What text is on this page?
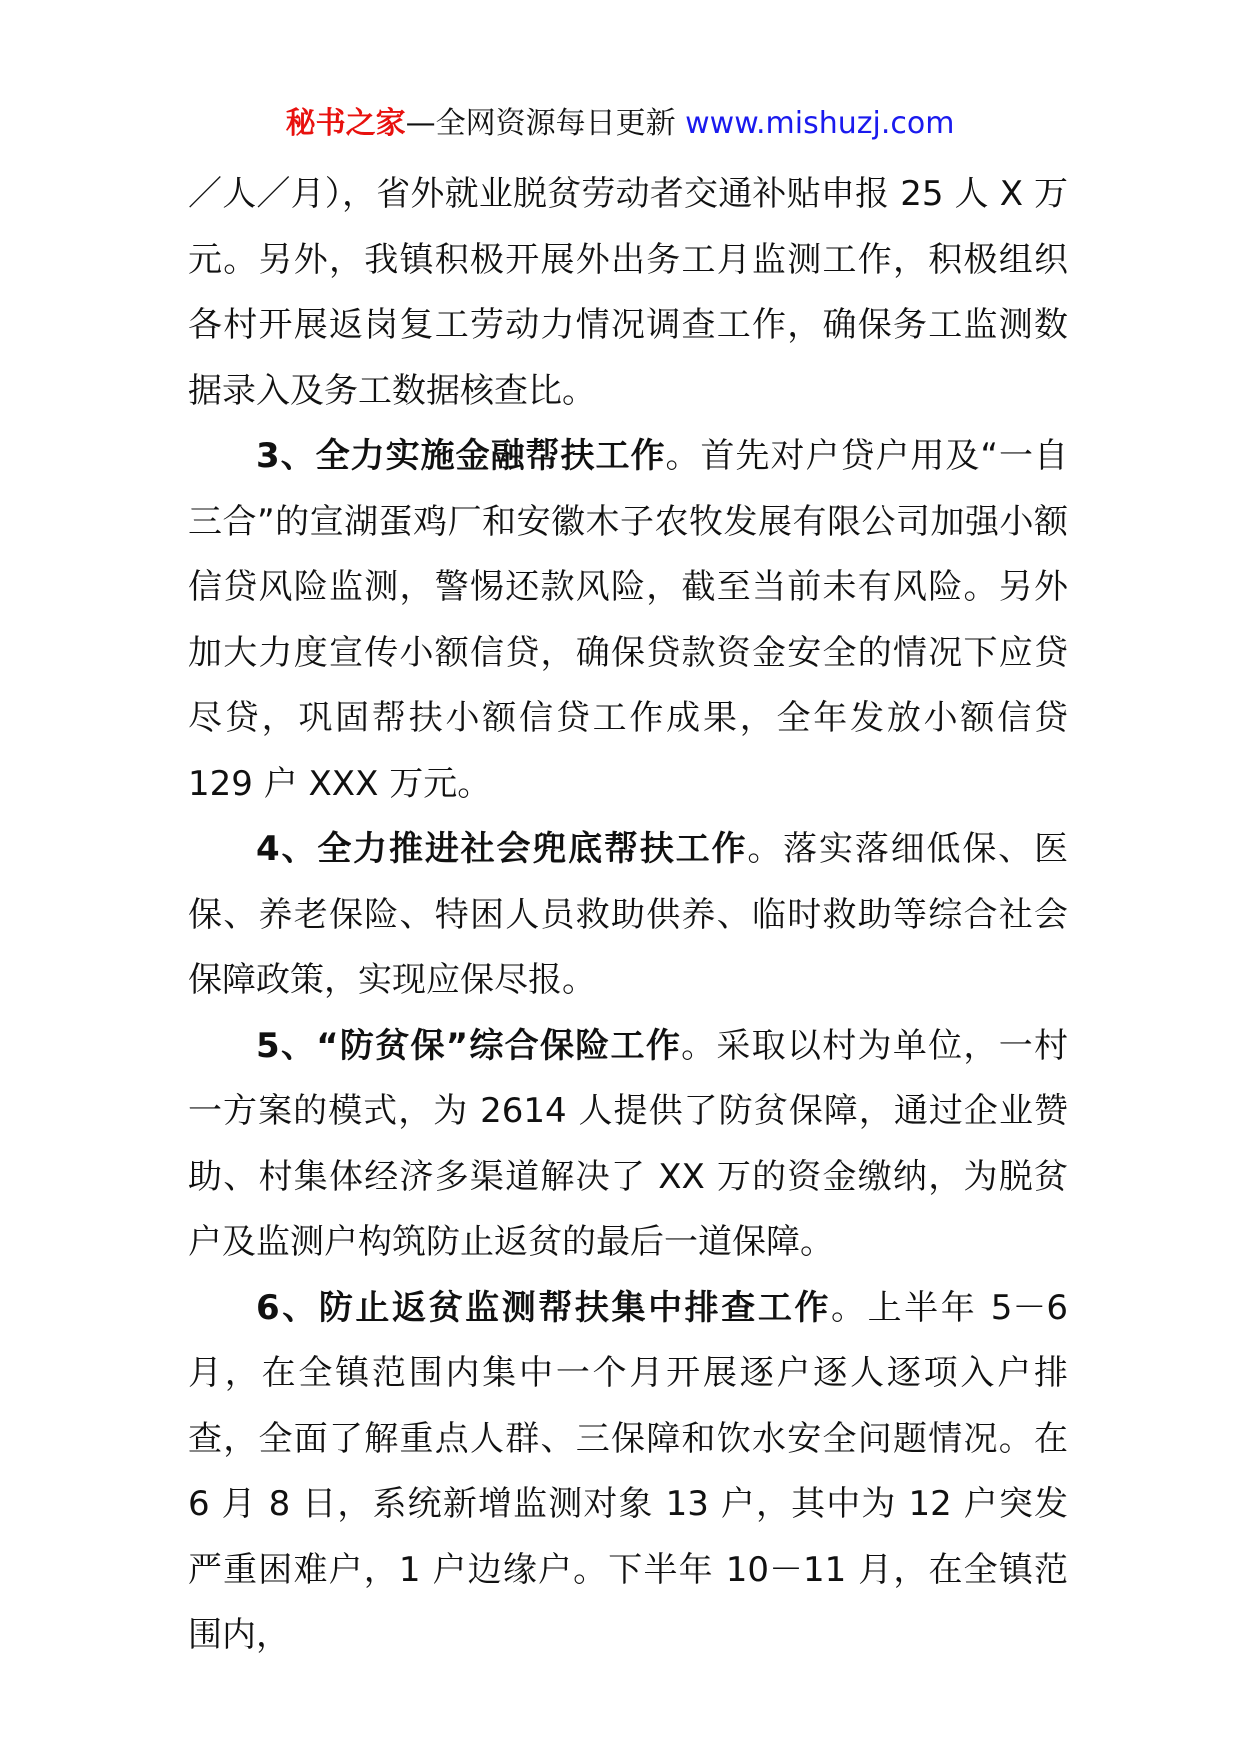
秘书之家—全网资源每日更新 www.mishuzj.com

／人／月），省外就业脱贫劳动者交通补贴申报 25 人 X 万元。另外，我镇积极开展外出务工月监测工作，积极组织各村开展返岗复工劳动力情况调查工作，确保务工监测数据录入及务工数据核查比。

3、全力实施金融帮扶工作。首先对户贷户用及“一自三合”的宣湖蛋鸡厂和安徽木子农牧发展有限公司加强小额信贷风险监测，警惕还款风险，截至当前未有风险。另外加大力度宣传小额信贷，确保贷款资金安全的情况下应贷尽贷，巩固帮扶小额信贷工作成果，全年发放小额信贷 129 户 XXX 万元。

4、全力推进社会兜底帮扶工作。落实落细低保、医保、养老保险、特困人员救助供养、临时救助等综合社会保障政策，实现应保尽报。

5、“防贫保”综合保险工作。采取以村为单位，一村一方案的模式，为 2614 人提供了防贫保障，通过企业赞助、村集体经济多渠道解决了 XX 万的资金缴纳，为脱贫户及监测户构筑防止返贫的最后一道保障。

6、防止返贫监测帮扶集中排查工作。上半年 5－6 月，在全镇范围内集中一个月开展逐户逐人逐项入户排查，全面了解重点人群、三保障和饮水安全问题情况。在 6 月 8 日，系统新增监测对象 13 户，其中为 12 户突发严重困难户，1 户边缘户。下半年 10－11 月，在全镇范围内，
